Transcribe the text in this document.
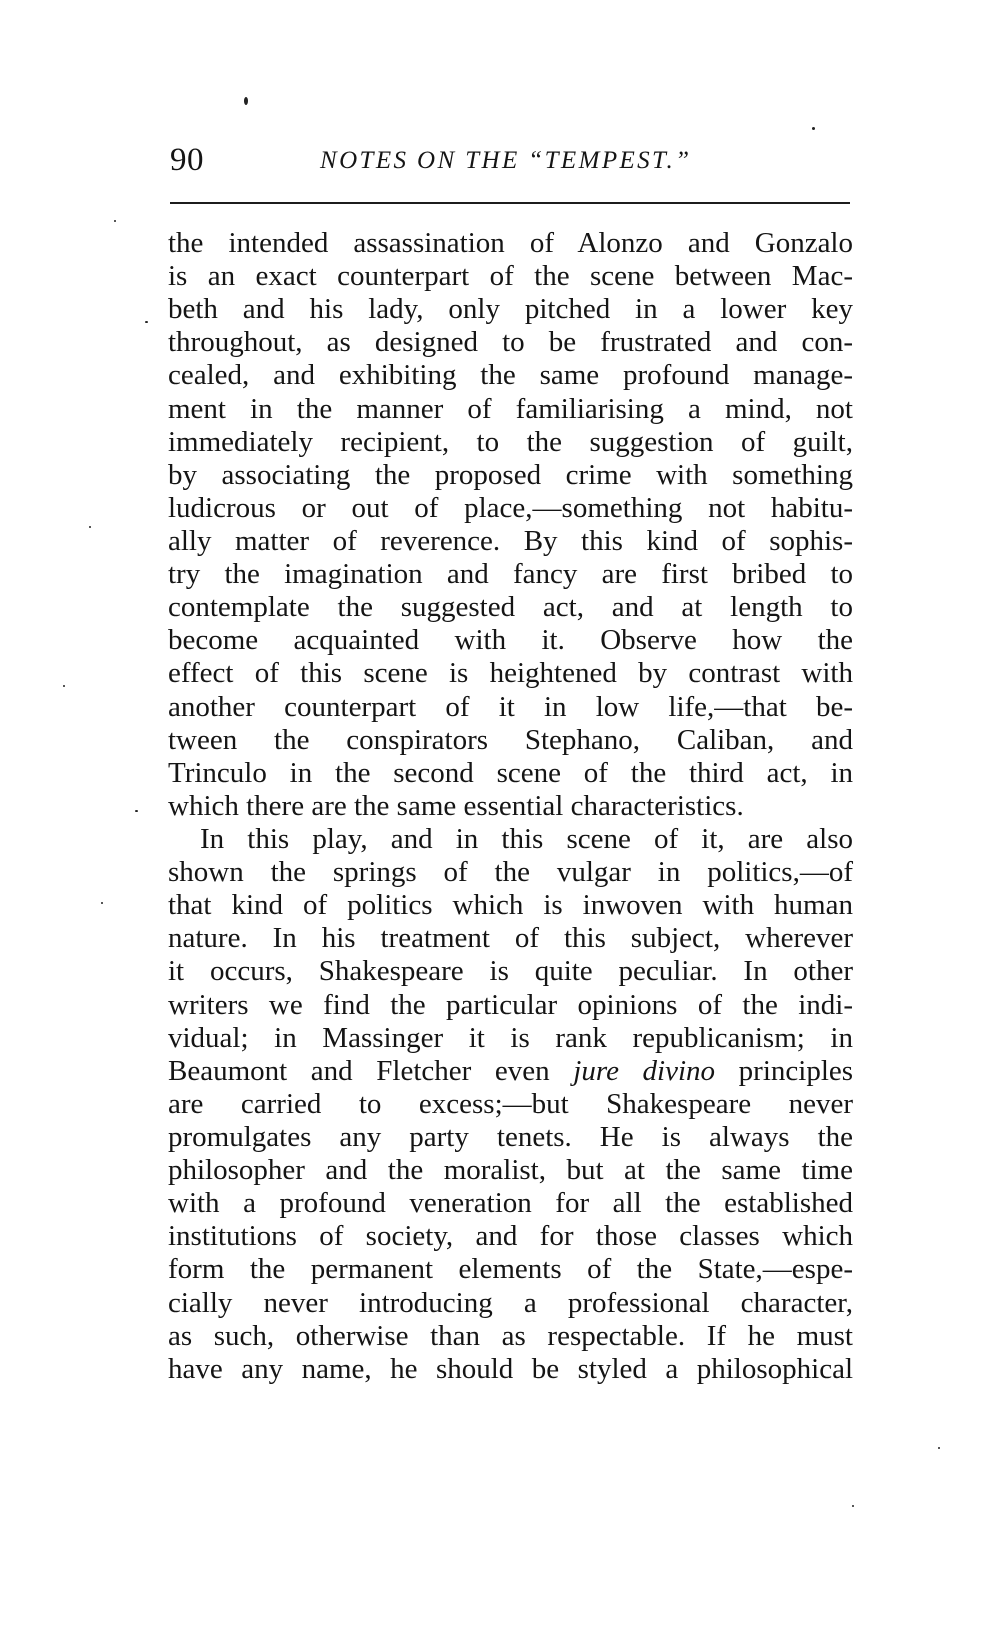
90	NOTES ON THE “TEMPEST.”
the intended assassination of Alonzo and Gonzalo
is an exact counterpart of the scene between Mac-
beth and his lady, only pitched in a lower key
throughout, as designed to be frustrated and con-
cealed, and exhibiting the same profound manage-
ment in the manner of familiarising a mind, not
immediately recipient, to the suggestion of guilt,
by associating the proposed crime with something
ludicrous or out of place,—something not habitu-
ally matter of reverence. By this kind of sophis-
try the imagination and fancy are first bribed to
contemplate the suggested act, and at length to
become acquainted with it. Observe how the
effect of this scene is heightened by contrast with
another counterpart of it in low life,—that be-
tween the conspirators Stephano, Caliban, and
Trinculo in the second scene of the third act, in
which there are the same essential characteristics.
In this play, and in this scene of it, are also
shown the springs of the vulgar in politics,—of
that kind of politics which is inwoven with human
nature. In his treatment of this subject, wherever
it occurs, Shakespeare is quite peculiar. In other
writers we find the particular opinions of the indi-
vidual; in Massinger it is rank republicanism; in
Beaumont and Fletcher even jure divino principles
are carried to excess;—but Shakespeare never
promulgates any party tenets. He is always the
philosopher and the moralist, but at the same time
with a profound veneration for all the established
institutions of society, and for those classes which
form the permanent elements of the State,—espe-
cially never introducing a professional character,
as such, otherwise than as respectable. If he must
have any name, he should be styled a philosophical
